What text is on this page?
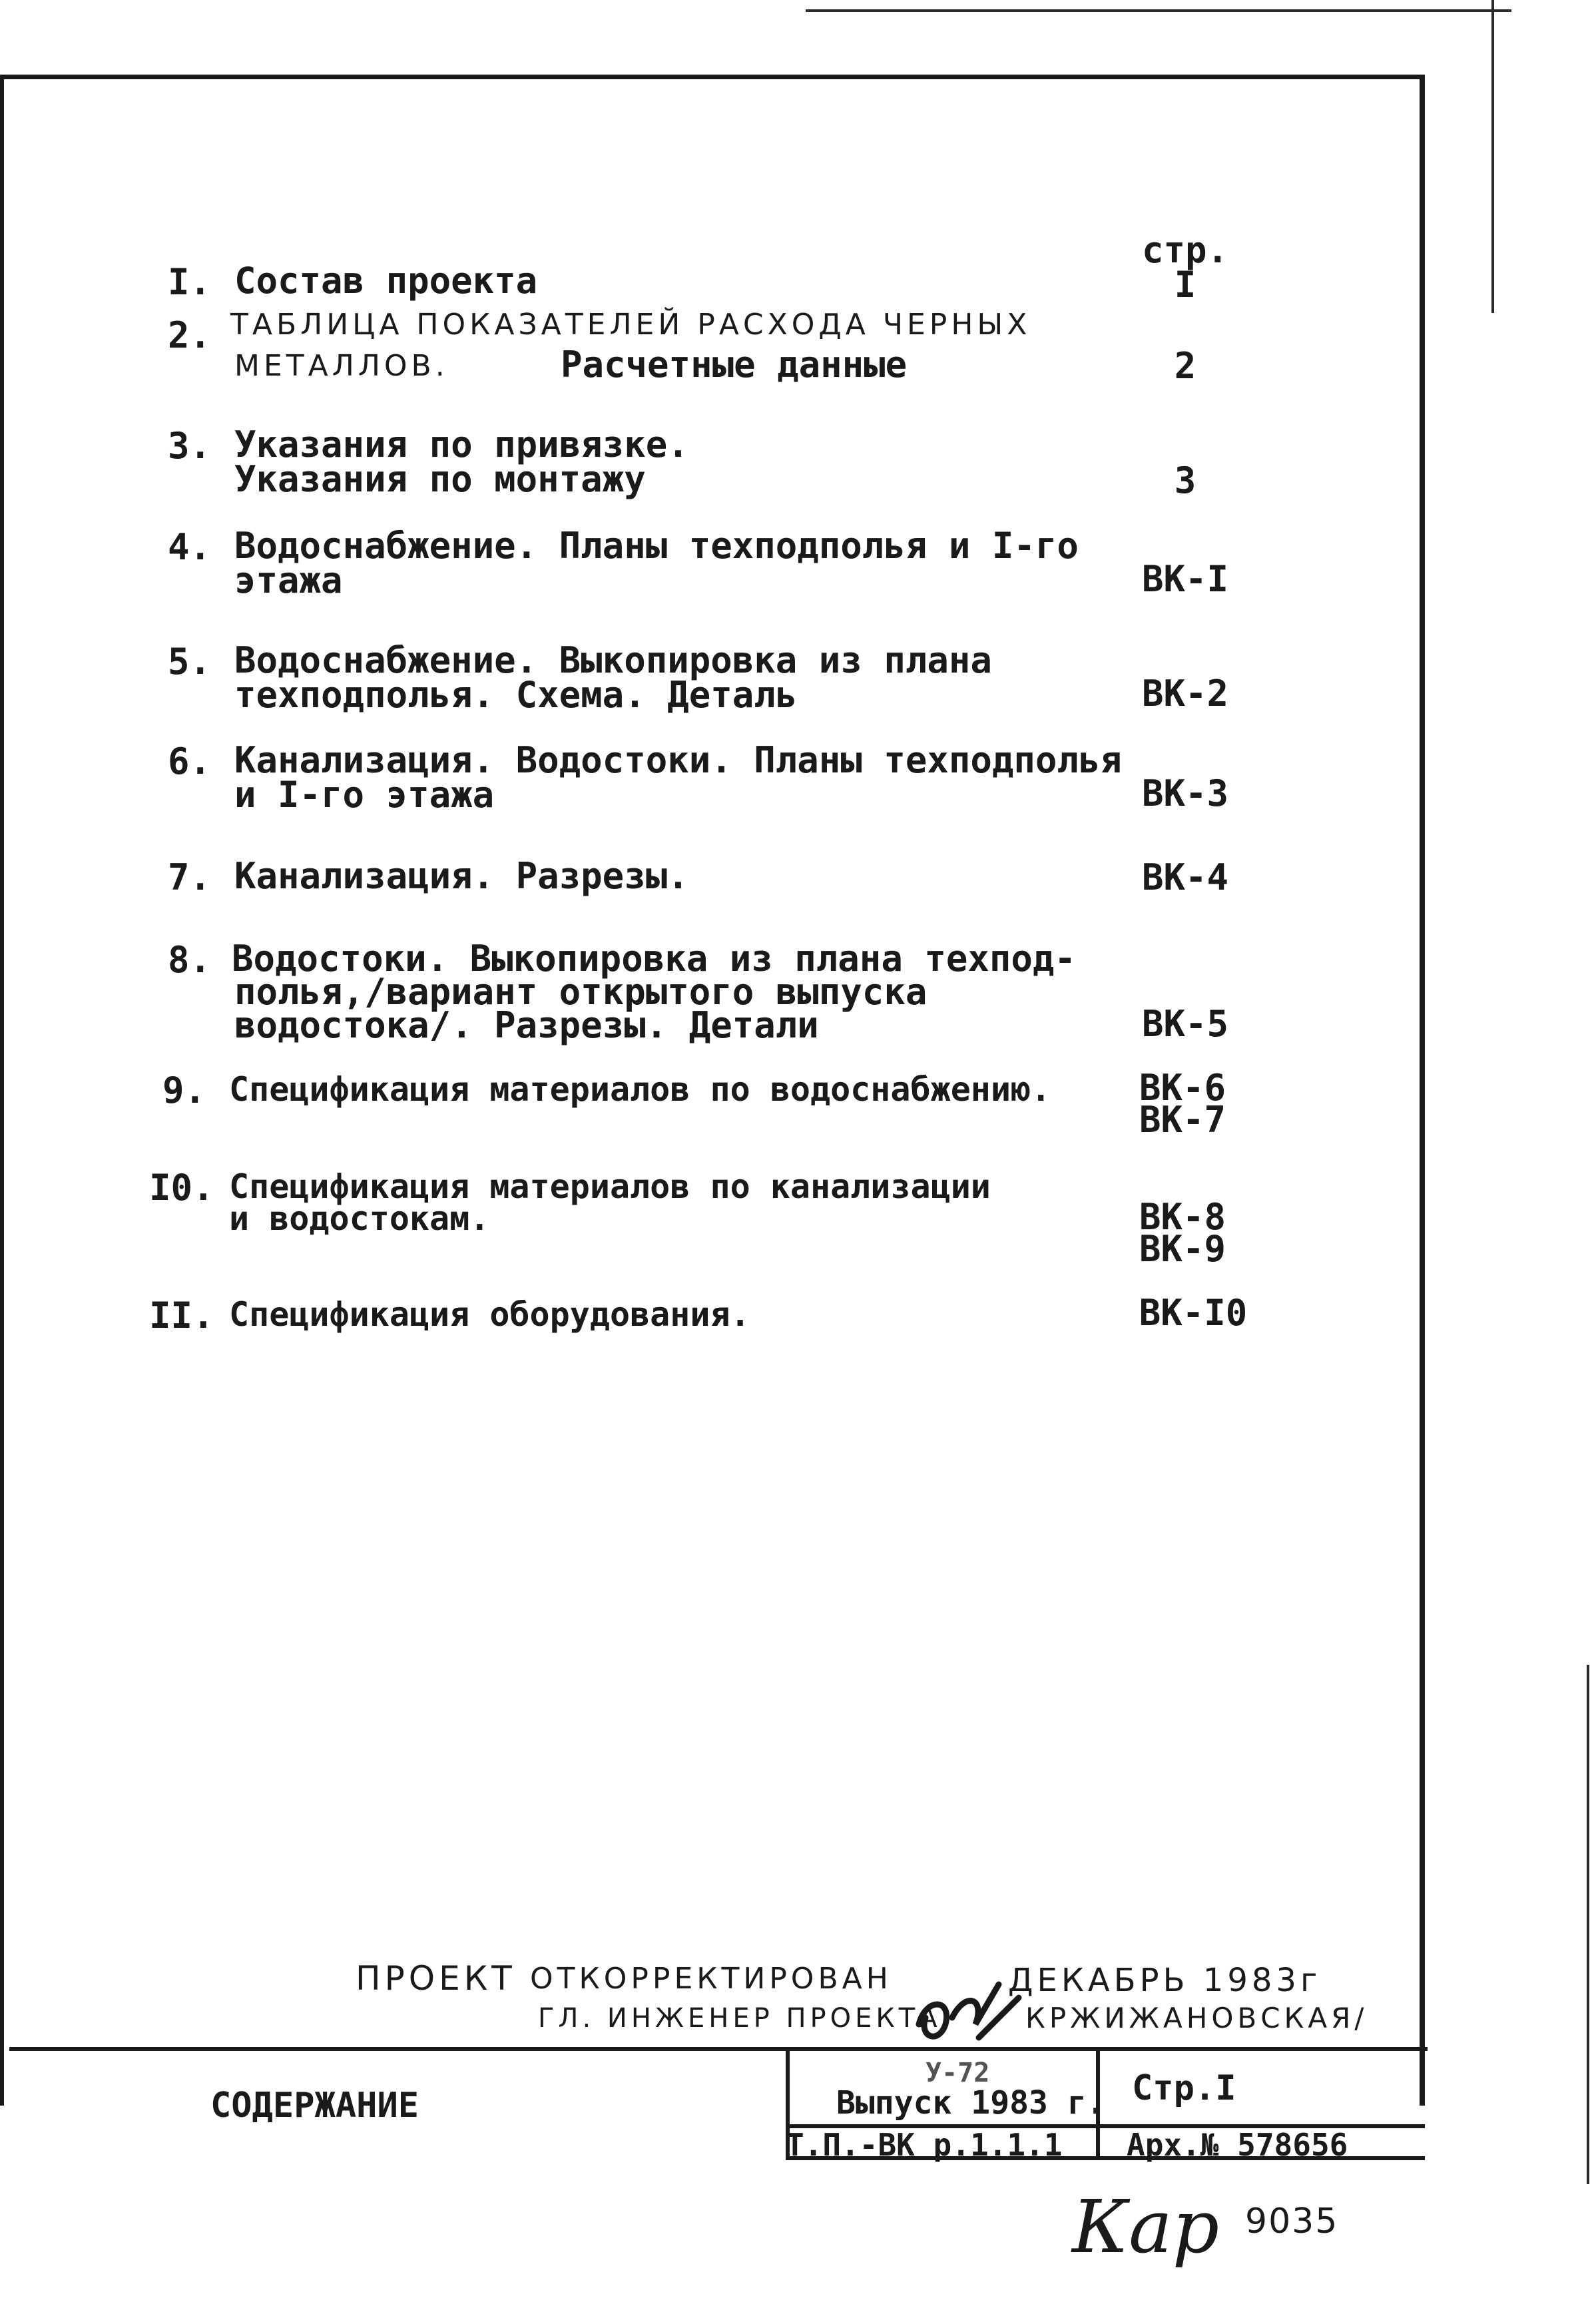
стр.
I. Состав проекта	I
2. ТАБЛИЦА ПОКАЗАТЕЛЕЙ РАСХОДА ЧЕРНЫХ
МЕТАЛЛОВ.	Расчетные данные	2
3. Указания по привязке.
Указания по монтажу	3
4. Водоснабжение. Планы техподполья и I-го
этажа	ВК-I
5. Водоснабжение. Выкопировка из плана
техподполья. Схема. Деталь	ВК-2
6. Канализация. Водостоки. Планы техподполья
и I-го этажа	ВК-3
7. Канализация. Разрезы.	ВК-4
8. Водостоки. Выкопировка из плана техпод-
полья,/вариант открытого выпуска
водостока/. Разрезы. Детали	ВК-5
9. Спецификация материалов по водоснабжению.	ВК-6
ВК-7
I0. Спецификация материалов по канализации
и водостокам.	ВК-8
ВК-9
II. Спецификация оборудования.	ВК-I0
ПРОЕКТ ОТКОРРЕКТИРОВАН	ДЕКАБРЬ 1983г
ГЛ. ИНЖЕНЕР ПРОЕКТА	КРЖИЖАНОВСКАЯ/
СОДЕРЖАНИЕ
У-72
Выпуск 1983 г. Стр.I
Т.П.-ВК р.1.1.1 Арх.№ 578656
Кар 9035
